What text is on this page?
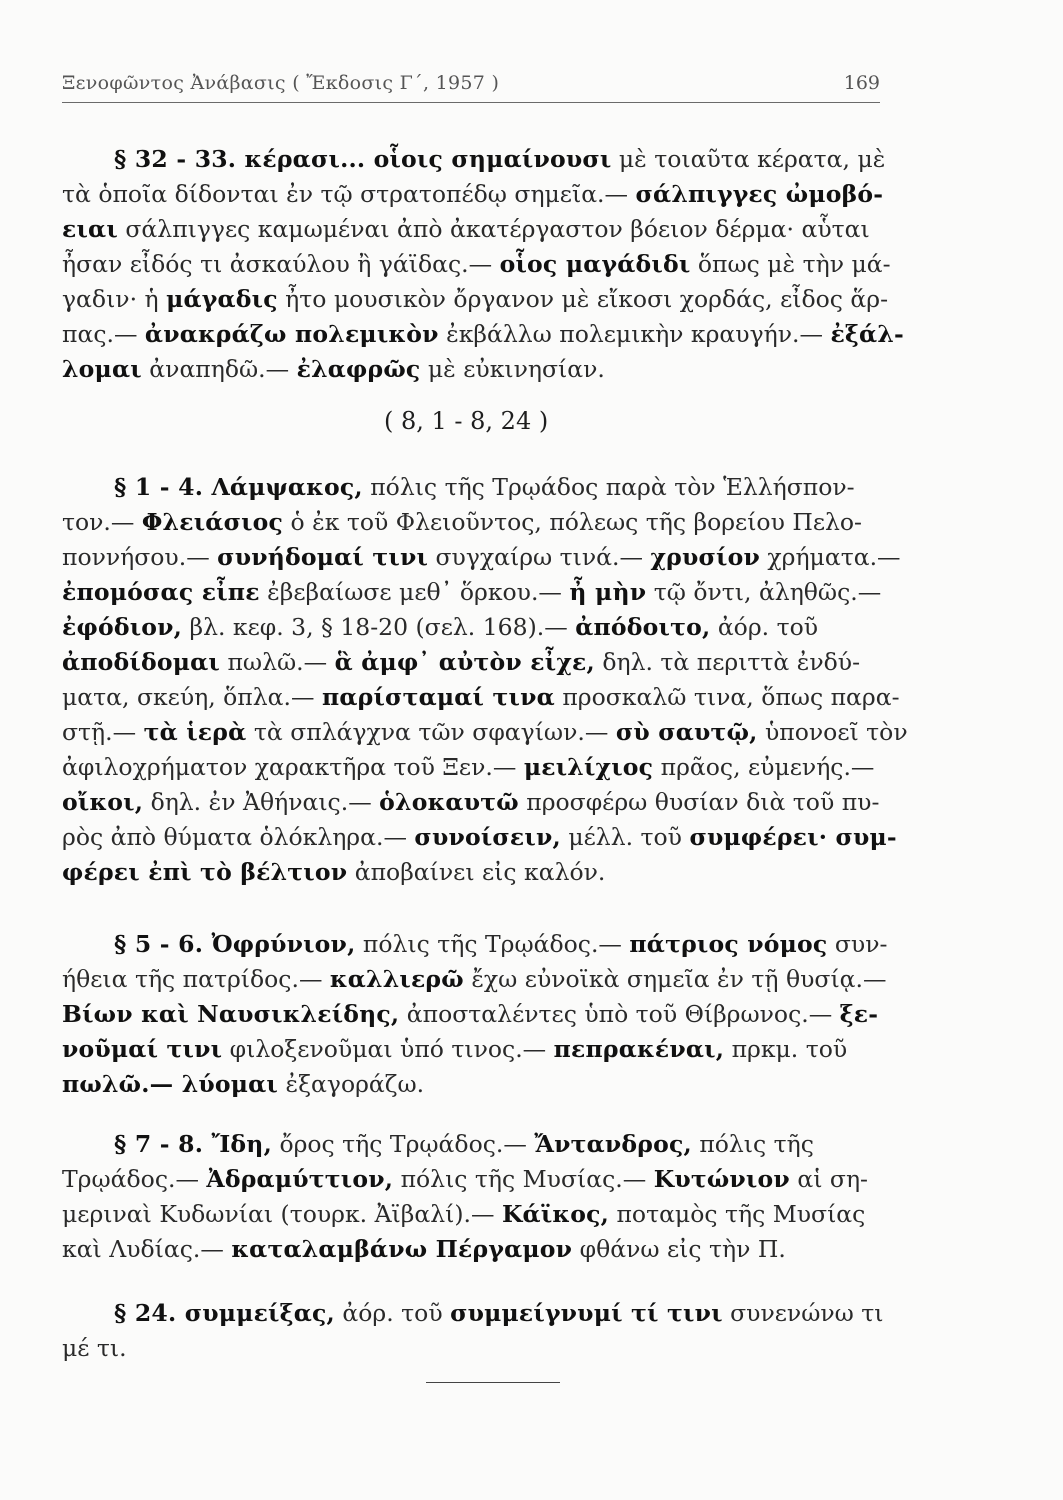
Ξενοφῶντος Ἀνάβασις ( Ἔκδοσις Γ΄, 1957 )	169
§ 32 - 33. κέρασι... οἷοις σημαίνουσι μὲ τοιαῦτα κέρατα, μὲ
τὰ ὁποῖα δίδονται ἐν τῷ στρατοπέδῳ σημεῖα.— σάλπιγγες ὠμοβό-
ειαι σάλπιγγες καμωμέναι ἀπὸ ἀκατέργαστον βόειον δέρμα· αὗται
ἦσαν εἶδός τι ἀσκαύλου ἢ γάϊδας.— οἷος μαγάδιδι ὅπως μὲ τὴν μά-
γαδιν· ἡ μάγαδις ἦτο μουσικὸν ὄργανον μὲ εἴκοσι χορδάς, εἶδος ἅρ-
πας.— ἀνακράζω πολεμικὸν ἐκβάλλω πολεμικὴν κραυγήν.— ἐξάλ-
λομαι ἀναπηδῶ.— ἐλαφρῶς μὲ εὐκινησίαν.
( 8, 1 - 8, 24 )
§ 1 - 4. Λάμψακος, πόλις τῆς Τρῳάδος παρὰ τὸν Ἑλλήσπον-
τον.— Φλειάσιος ὁ ἐκ τοῦ Φλειοῦντος, πόλεως τῆς βορείου Πελο-
ποννήσου.— συνήδομαί τινι συγχαίρω τινά.— χρυσίον χρήματα.—
ἐπομόσας εἶπε ἐβεβαίωσε μεθ᾽ ὅρκου.— ἦ μὴν τῷ ὄντι, ἀληθῶς.—
ἐφόδιον, βλ. κεφ. 3, § 18-20 (σελ. 168).— ἀπόδοιτο, ἀόρ. τοῦ
ἀποδίδομαι πωλῶ.— ἃ ἀμφ᾽ αὐτὸν εἶχε, δηλ. τὰ περιττὰ ἐνδύ-
ματα, σκεύη, ὅπλα.— παρίσταμαί τινα προσκαλῶ τινα, ὅπως παρα-
στῇ.— τὰ ἱερὰ τὰ σπλάγχνα τῶν σφαγίων.— σὺ σαυτῷ, ὑπονοεῖ τὸν
ἀφιλοχρήματον χαρακτῆρα τοῦ Ξεν.— μειλίχιος πρᾶος, εὐμενής.—
οἴκοι, δηλ. ἐν Ἀθήναις.— ὁλοκαυτῶ προσφέρω θυσίαν διὰ τοῦ πυ-
ρὸς ἀπὸ θύματα ὁλόκληρα.— συνοίσειν, μέλλ. τοῦ συμφέρει· συμ-
φέρει ἐπὶ τὸ βέλτιον ἀποβαίνει εἰς καλόν.
§ 5 - 6. Ὀφρύνιον, πόλις τῆς Τρῳάδος.— πάτριος νόμος συν-
ήθεια τῆς πατρίδος.— καλλιερῶ ἔχω εὐνοϊκὰ σημεῖα ἐν τῇ θυσίᾳ.—
Βίων καὶ Ναυσικλείδης, ἀποσταλέντες ὑπὸ τοῦ Θίβρωνος.— ξε-
νοῦμαί τινι φιλοξενοῦμαι ὑπό τινος.— πεπρακέναι, πρκμ. τοῦ
πωλῶ.— λύομαι ἐξαγοράζω.
§ 7 - 8. Ἴδη, ὄρος τῆς Τρῳάδος.— Ἄντανδρος, πόλις τῆς
Τρῳάδος.— Ἀδραμύττιον, πόλις τῆς Μυσίας.— Κυτώνιον αἱ ση-
μεριναὶ Κυδωνίαι (τουρκ. Ἀϊβαλί).— Κάϊκος, ποταμὸς τῆς Μυσίας
καὶ Λυδίας.— καταλαμβάνω Πέργαμον φθάνω εἰς τὴν Π.
§ 24. συμμείξας, ἀόρ. τοῦ συμμείγνυμί τί τινι συνενώνω τι
μέ τι.
